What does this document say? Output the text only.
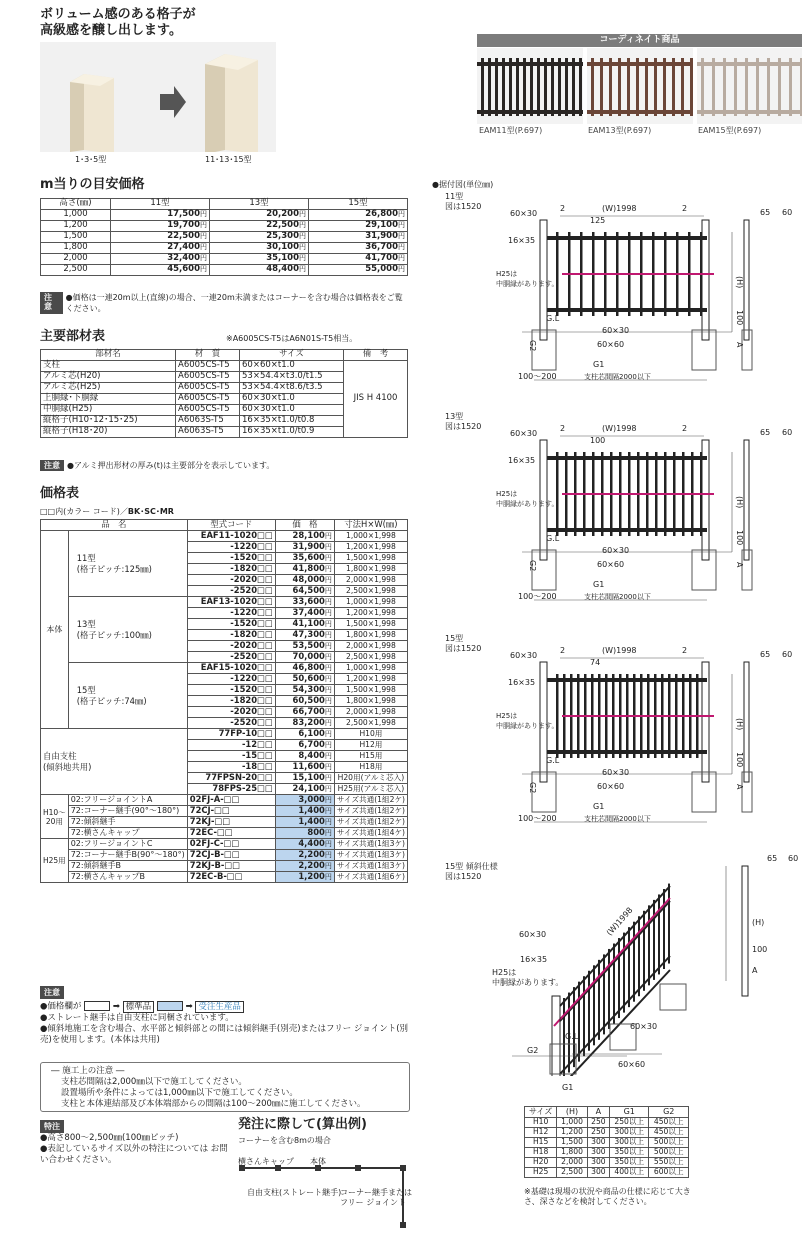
ボリューム感のある格子が
高級感を醸し出します。
1･3･5型	11･13･15型
コーディネイト商品
EAM11型(P.697)	EAM13型(P.697)	EAM15型(P.697)
m当りの目安価格
高さ(㎜)	11型	13型	15型
1,000	17,500円	20,200円	26,800円
1,200	19,700円	22,500円	29,100円
1,500	22,500円	25,300円	31,900円
1,800	27,400円	30,100円	36,700円
2,000	32,400円	35,100円	41,700円
2,500	45,600円	48,400円	55,000円
注意
●価格は一連20m以上(直線)の場合、一連20m未満またはコーナーを含む場合は価格表をご覧ください。
主要部材表	※A6005CS-T5はA6N01S-T5相当。
部材名	材　質	サイズ	備　考
支柱	A6005CS-T5	60×60×t1.0	JIS H 4100
アルミ芯(H20)	A6005CS-T5	53×54.4×t3.0/t1.5	
アルミ芯(H25)	A6005CS-T5	53×54.4×t8.6/t3.5	
上胴縁･下胴縁	A6005CS-T5	60×30×t1.0	
中胴縁(H25)	A6005CS-T5	60×30×t1.0	
縦格子(H10･12･15･25)	A6063S-T5	16×35×t1.0/t0.8	
縦格子(H18･20)	A6063S-T5	16×35×t1.0/t0.9	
注意 ●アルミ押出形材の厚み(t)は主要部分を表示しています。
価格表
□□内(カラー コード)／BK･SC･MR
品　名		型式コード	価　格	寸法H×W(㎜)
本体	11型
(格子ピッチ:125㎜)	EAF11-1020□□	28,100円	1,000×1,998
		-1220□□	31,900円	1,200×1,998
		-1520□□	35,600円	1,500×1,998
		-1820□□	41,800円	1,800×1,998
		-2020□□	48,000円	2,000×1,998
		-2520□□	64,500円	2,500×1,998

	13型
(格子ピッチ:100㎜)	EAF13-1020□□	33,600円	1,000×1,998
		-1220□□	37,400円	1,200×1,998
		-1520□□	41,100円	1,500×1,998
		-1820□□	47,300円	1,800×1,998
		-2020□□	53,500円	2,000×1,998
		-2520□□	70,000円	2,500×1,998

	15型
(格子ピッチ:74㎜)	EAF15-1020□□	46,800円	1,000×1,998
		-1220□□	50,600円	1,200×1,998
		-1520□□	54,300円	1,500×1,998
		-1820□□	60,500円	1,800×1,998
		-2020□□	66,700円	2,000×1,998
		-2520□□	83,200円	2,500×1,998

自由支柱
(傾斜地共用)		77FP-10□□	6,100円	H10用
		-12□□	6,700円	H12用
		-15□□	8,400円	H15用
		-18□□	11,600円	H18用
		77FPSN-20□□	15,100円	H20用(アルミ芯入)
		78FPS-25□□	24,100円	H25用(アルミ芯入)
H10〜20用	02:フリージョイントA	02FJ-A-□□	3,000円	サイズ共通(1組2ケ)
	72:コーナー継手(90°〜180°)	72CJ-□□	1,400円	サイズ共通(1組2ケ)
	72:傾斜継手	72KJ-□□	1,400円	サイズ共通(1組2ケ)
	72:横さんキャップ	72EC-□□	800円	サイズ共通(1組4ケ)
H25用	02:フリージョイントC	02FJ-C-□□	4,400円	サイズ共通(1組3ケ)
	72:コーナー継手B(90°〜180°)	72CJ-B-□□	2,200円	サイズ共通(1組3ケ)
	72:傾斜継手B	72KJ-B-□□	2,200円	サイズ共通(1組3ケ)
	72:横さんキャップB	72EC-B-□□	1,200円	サイズ共通(1組6ケ)
注意
●価格欄が	➡ 標準品	➡ 受注生産品
●ストレート継手は自由支柱に同梱されています。
●傾斜地施工を含む場合、水平部と傾斜部との間には傾斜継手(別売)またはフリー ジョイント(別売)を使用します。(本体は共用)
― 施工上の注意 ―
支柱芯間隔は2,000㎜以下で施工してください。
設置場所や条件によっては1,000㎜以下で施工してください。
支柱と本体連結部及び本体端部からの間隔は100〜200㎜に施工してください。
特注
●高さ800〜2,500㎜(100㎜ピッチ)
●表記しているサイズ以外の特注については お問い合わせください。
発注に際して(算出例)
コーナーを含む8mの場合
横さんキャップ 本体
自由支柱(ストレート継手)
コーナー継手または
フリー ジョイント
●据付図(単位㎜)
11型
図は1520
60×30
2	(W)1998	2
125
16×35
H25は
中胴縁があります。	(H)
100
A
65 60
G.L
60×30
G2	60×60
G1
100〜200	支柱芯間隔2000以下
13型
図は1520
60×30
2	(W)1998	2
100
16×35
H25は
中胴縁があります。	(H)
100
A
65 60
G.L
60×30
G2	60×60
G1
100〜200	支柱芯間隔2000以下
15型
図は1520
60×30
2	(W)1998	2
74
16×35
H25は
中胴縁があります。	(H)
100
A
65 60
G.L
60×30
G2	60×60
G1
100〜200	支柱芯間隔2000以下
15型 傾斜仕様
図は1520
(W)1998
65 60
60×30
16×35
H25は
中胴縁があります。
(H)
100
A
60×30
G.L
G2
60×60
G1
サイズ	(H)	A	G1	G2
H10	1,000	250	250以上	450以上
H12	1,200	250	300以上	450以上
H15	1,500	300	300以上	500以上
H18	1,800	300	350以上	500以上
H20	2,000	300	350以上	550以上
H25	2,500	300	400以上	600以上
※基礎は現場の状況や商品の仕様に応じて大きさ、深さなどを検討してください。
